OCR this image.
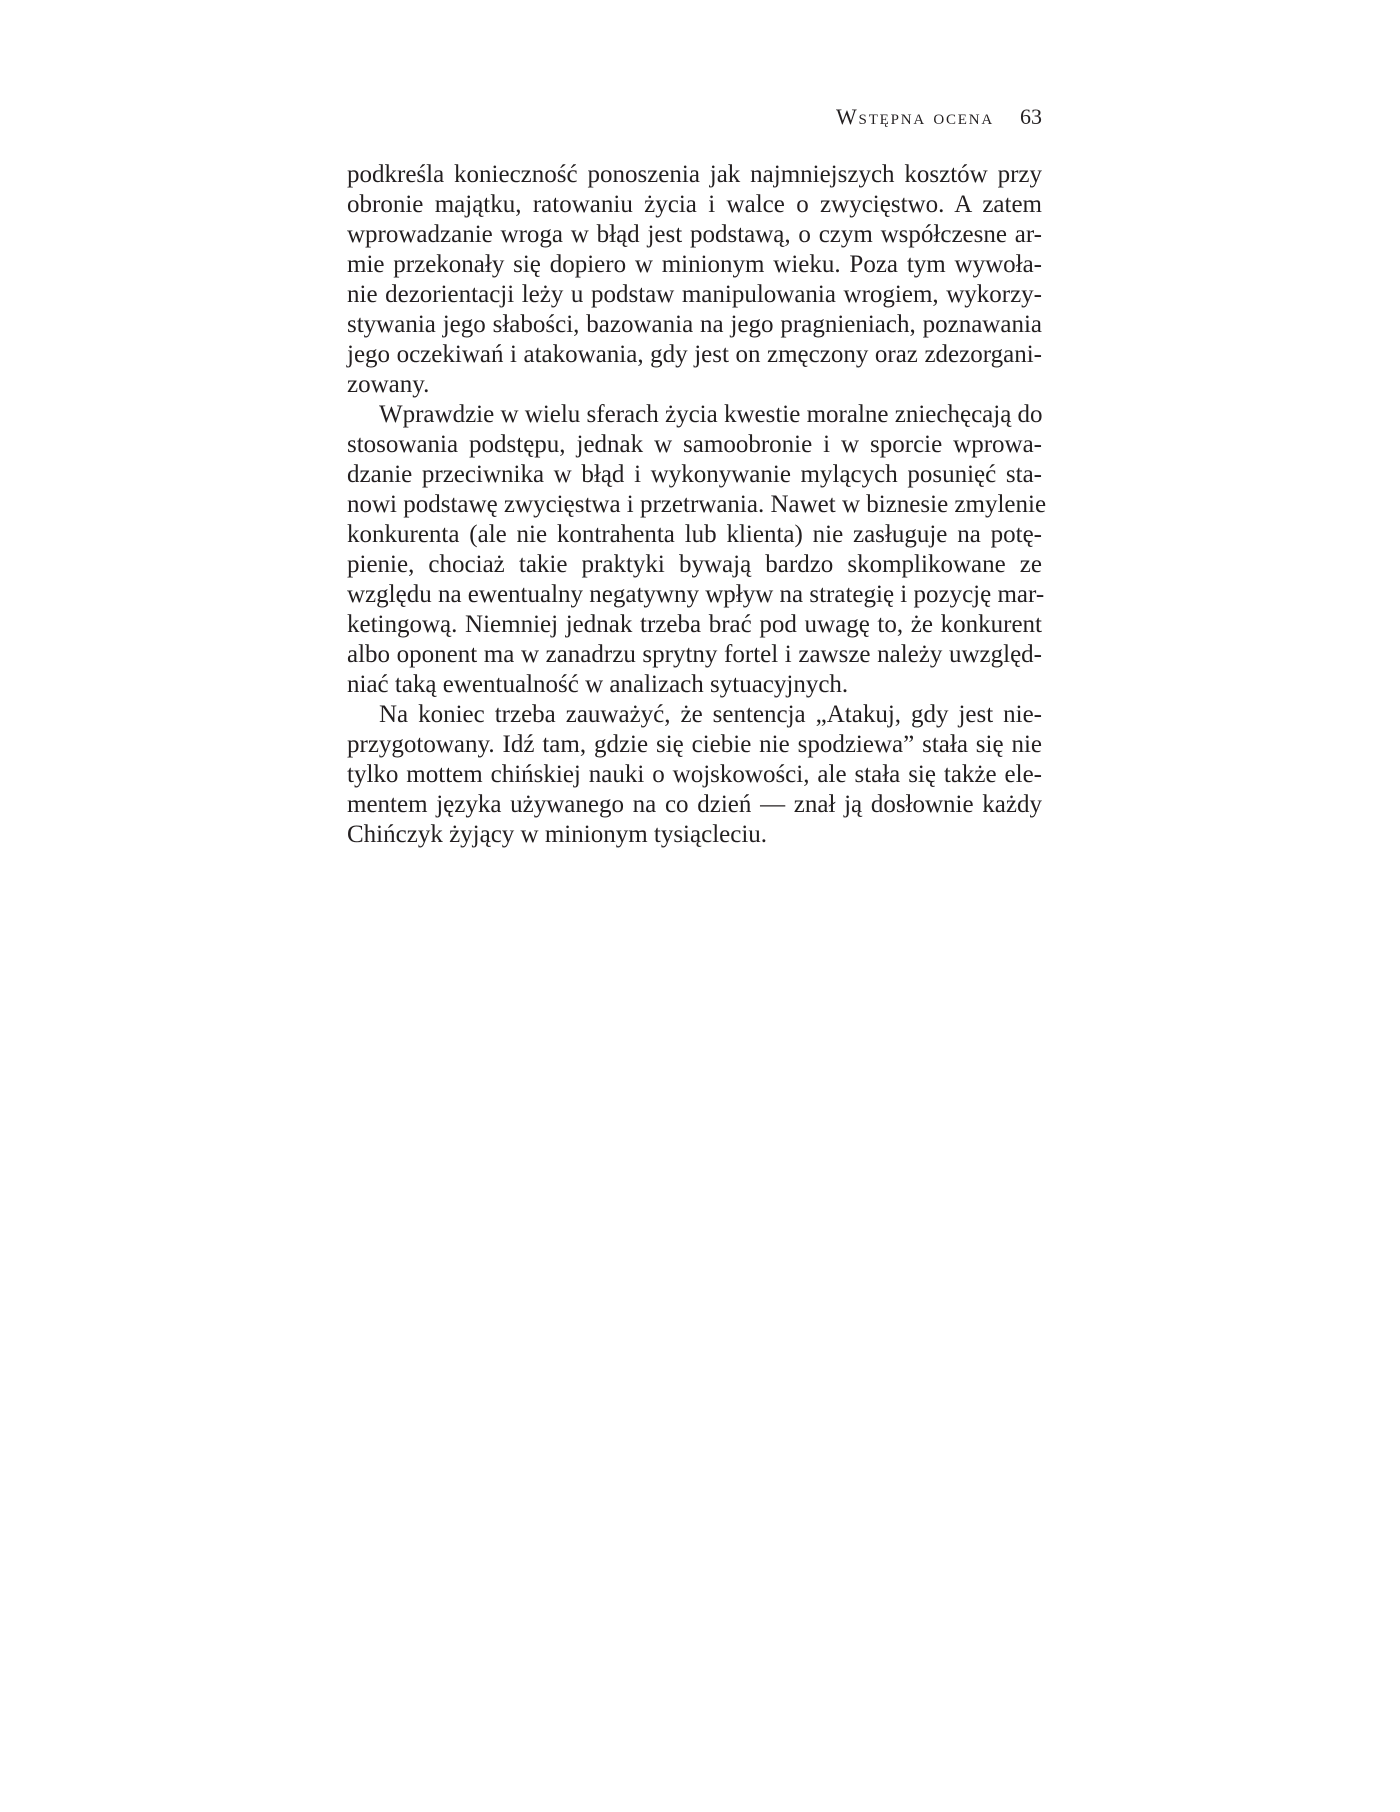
Wstępna ocena 63

podkreśla konieczność ponoszenia jak najmniejszych kosztów przy
obronie majątku, ratowaniu życia i walce o zwycięstwo. A zatem
wprowadzanie wroga w błąd jest podstawą, o czym współczesne ar-
mie przekonały się dopiero w minionym wieku. Poza tym wywoła-
nie dezorientacji leży u podstaw manipulowania wrogiem, wykorzy-
stywania jego słabości, bazowania na jego pragnieniach, poznawania
jego oczekiwań i atakowania, gdy jest on zmęczony oraz zdezorgani-
zowany.

Wprawdzie w wielu sferach życia kwestie moralne zniechęcają do
stosowania podstępu, jednak w samoobronie i w sporcie wprowa-
dzanie przeciwnika w błąd i wykonywanie mylących posunięć sta-
nowi podstawę zwycięstwa i przetrwania. Nawet w biznesie zmylenie
konkurenta (ale nie kontrahenta lub klienta) nie zasługuje na potę-
pienie, chociaż takie praktyki bywają bardzo skomplikowane ze
względu na ewentualny negatywny wpływ na strategię i pozycję mar-
ketingową. Niemniej jednak trzeba brać pod uwagę to, że konkurent
albo oponent ma w zanadrzu sprytny fortel i zawsze należy uwzględ-
niać taką ewentualność w analizach sytuacyjnych.

Na koniec trzeba zauważyć, że sentencja „Atakuj, gdy jest nie-
przygotowany. Idź tam, gdzie się ciebie nie spodziewa” stała się nie
tylko mottem chińskiej nauki o wojskowości, ale stała się także ele-
mentem języka używanego na co dzień — znał ją dosłownie każdy
Chińczyk żyjący w minionym tysiącleciu.
